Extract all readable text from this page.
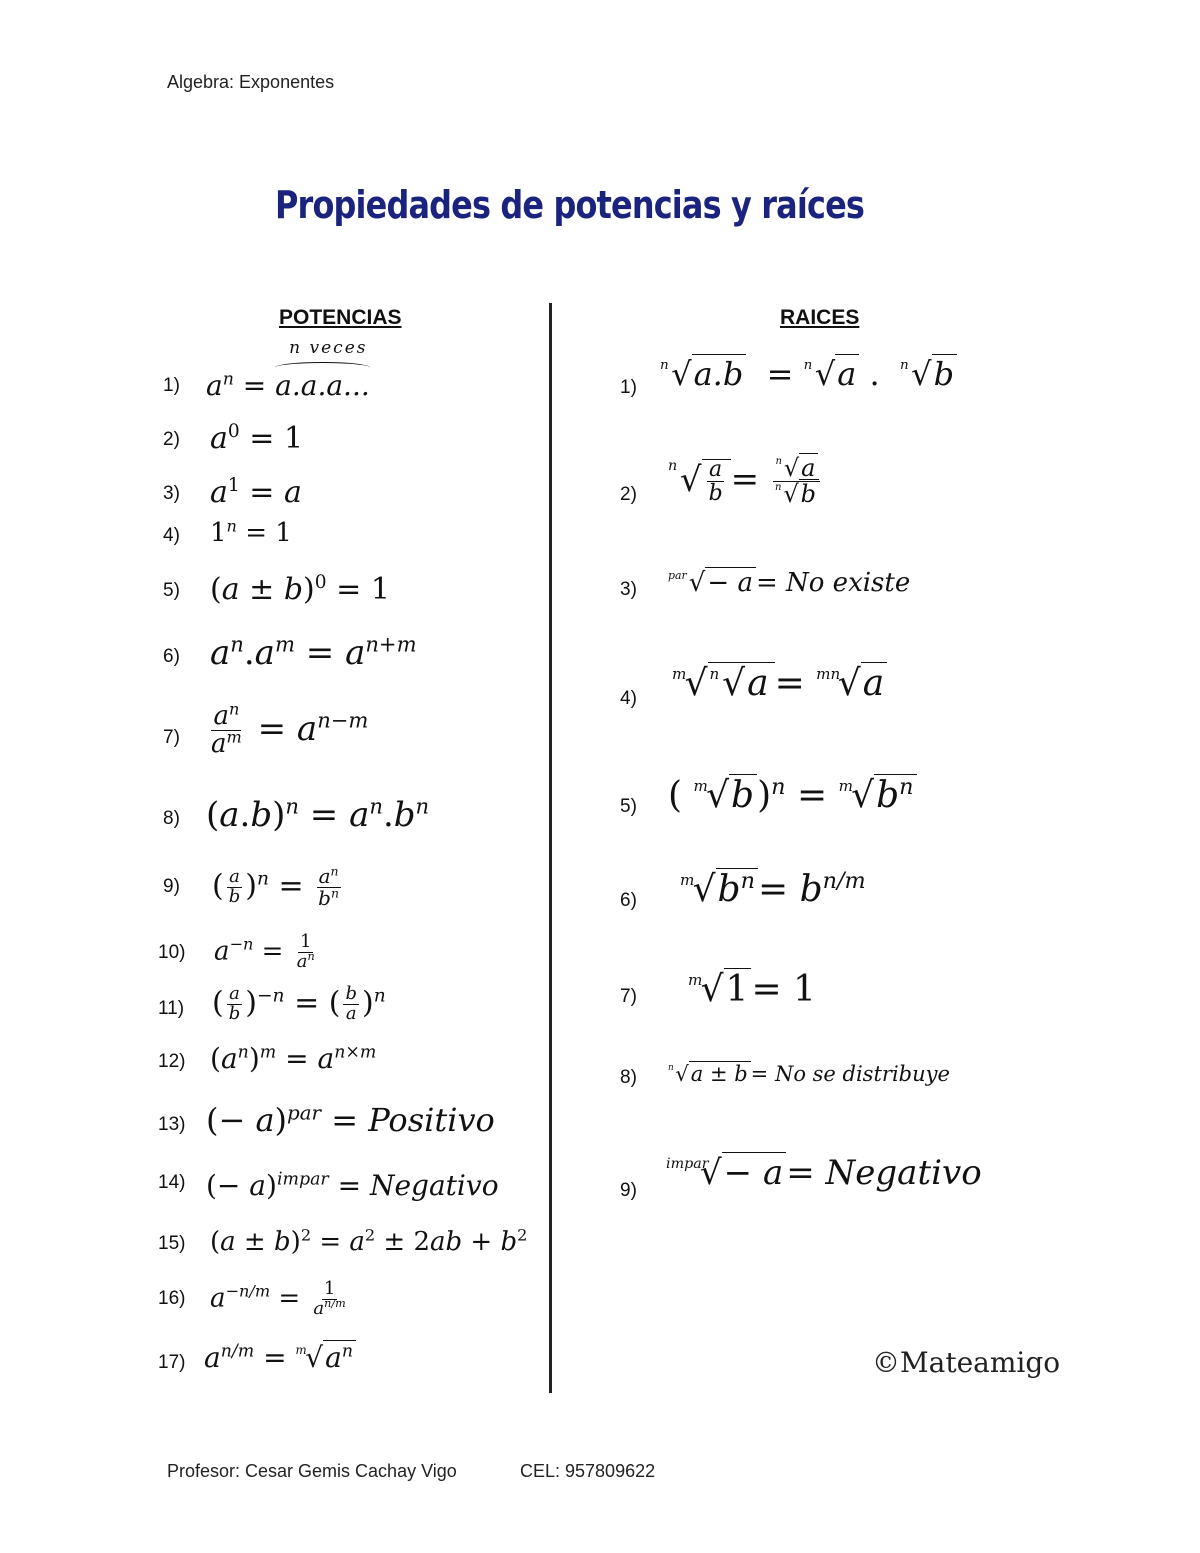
Algebra: Exponentes
Propiedades de potencias y raíces
POTENCIAS	RAICES
1) $a^n$ =
n veces
a.a.a...
2) $a^0 = 1$
3) $a^1 = a$
4) $1^n = 1$
5) $(a \pm b)^0 = 1$
6) $a^n.a^m = a^{n+m}$
$7) \frac{a^n}{a^m} = a^{n-m}$
8) $(a.b)^n = a^n.b^n$
9) ( $\frac{a}{b} )^n = \frac{a^n}{b^n}$
10) $a^{-n} = \frac{1}{a^n}$
11) ( $\frac{a}{b} )^{-n}$ = ( $\frac{b}{a} )^n$
12) $(a^n)^m = a^{n\times m}$
13) (− a)$^{par}$ = Positivo
14) (− a)$^{impar}$ = Negativo
15) $(a \pm b)^2 = a^2 \pm 2ab + b^2$
16) $a^{-n/m} = \frac{1}{a^{n/m}}$
17) $a^{n/m} = m$
$√a^n$
1)
n √a.b  = n √a . n √b
2)
n √ $\frac{a}{b} = \frac{n √a}{n √b}$
3)
par √− a = No existe
4)
m
√ n √a = mn
√a
5) ( m
√b)$^n$ = m
$√b^n$
6)
m
$√b^n= b^{n/m}$
7)
m
√1= 1
8)	n √a ± b = No se distribuye
9)
impar
√− a= Negativo
©Mateamigo
Profesor: Cesar Gemis Cachay Vigo	CEL: 957809622
